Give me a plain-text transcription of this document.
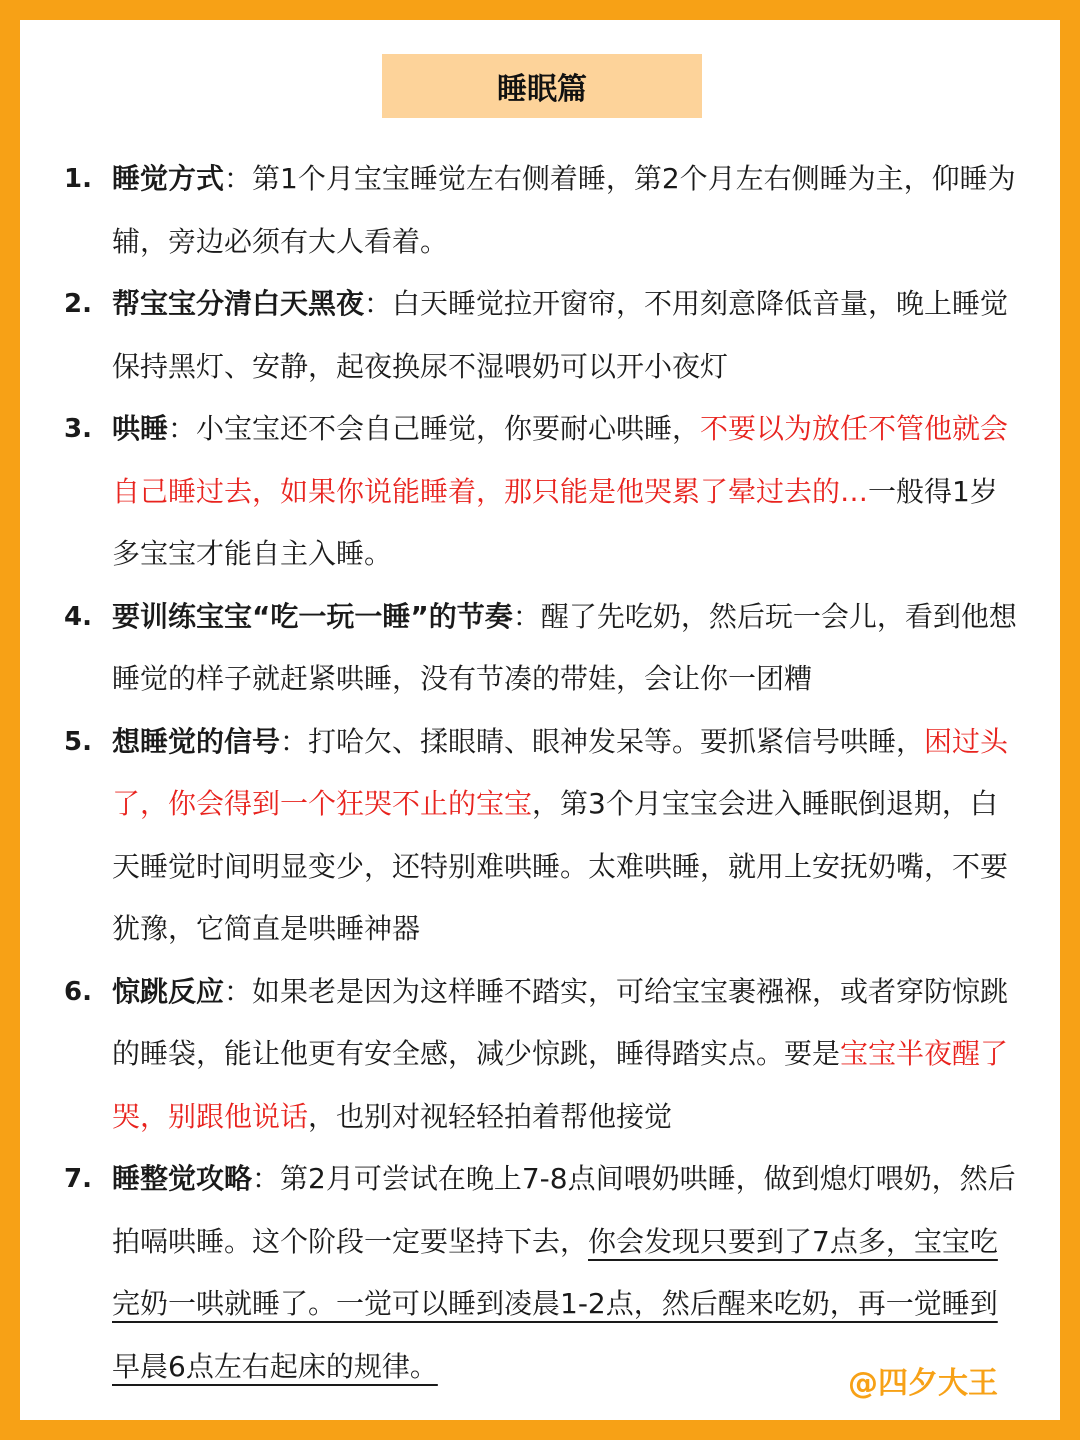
睡眠篇
1. 睡觉方式：第1个月宝宝睡觉左右侧着睡，第2个月左右侧睡为主，仰睡为辅，旁边必须有大人看着。
2. 帮宝宝分清白天黑夜：白天睡觉拉开窗帘，不用刻意降低音量，晚上睡觉保持黑灯、安静，起夜换尿不湿喂奶可以开小夜灯
3. 哄睡：小宝宝还不会自己睡觉，你要耐心哄睡，不要以为放任不管他就会自己睡过去，如果你说能睡着，那只能是他哭累了晕过去的…一般得1岁多宝宝才能自主入睡。
4. 要训练宝宝“吃一玩一睡”的节奏：醒了先吃奶，然后玩一会儿，看到他想睡觉的样子就赶紧哄睡，没有节凑的带娃，会让你一团糟
5. 想睡觉的信号：打哈欠、揉眼睛、眼神发呆等。要抓紧信号哄睡，困过头了，你会得到一个狂哭不止的宝宝，第3个月宝宝会进入睡眠倒退期，白天睡觉时间明显变少，还特别难哄睡。太难哄睡，就用上安抚奶嘴，不要犹豫，它简直是哄睡神器
6. 惊跳反应：如果老是因为这样睡不踏实，可给宝宝裹襁褓，或者穿防惊跳的睡袋，能让他更有安全感，减少惊跳，睡得踏实点。要是宝宝半夜醒了哭，别跟他说话，也别对视轻轻拍着帮他接觉
7. 睡整觉攻略：第2月可尝试在晚上7-8点间喂奶哄睡，做到熄灯喂奶，然后拍嗝哄睡。这个阶段一定要坚持下去，你会发现只要到了7点多，宝宝吃完奶一哄就睡了。一觉可以睡到凌晨1-2点，然后醒来吃奶，再一觉睡到早晨6点左右起床的规律。	@四夕大王
